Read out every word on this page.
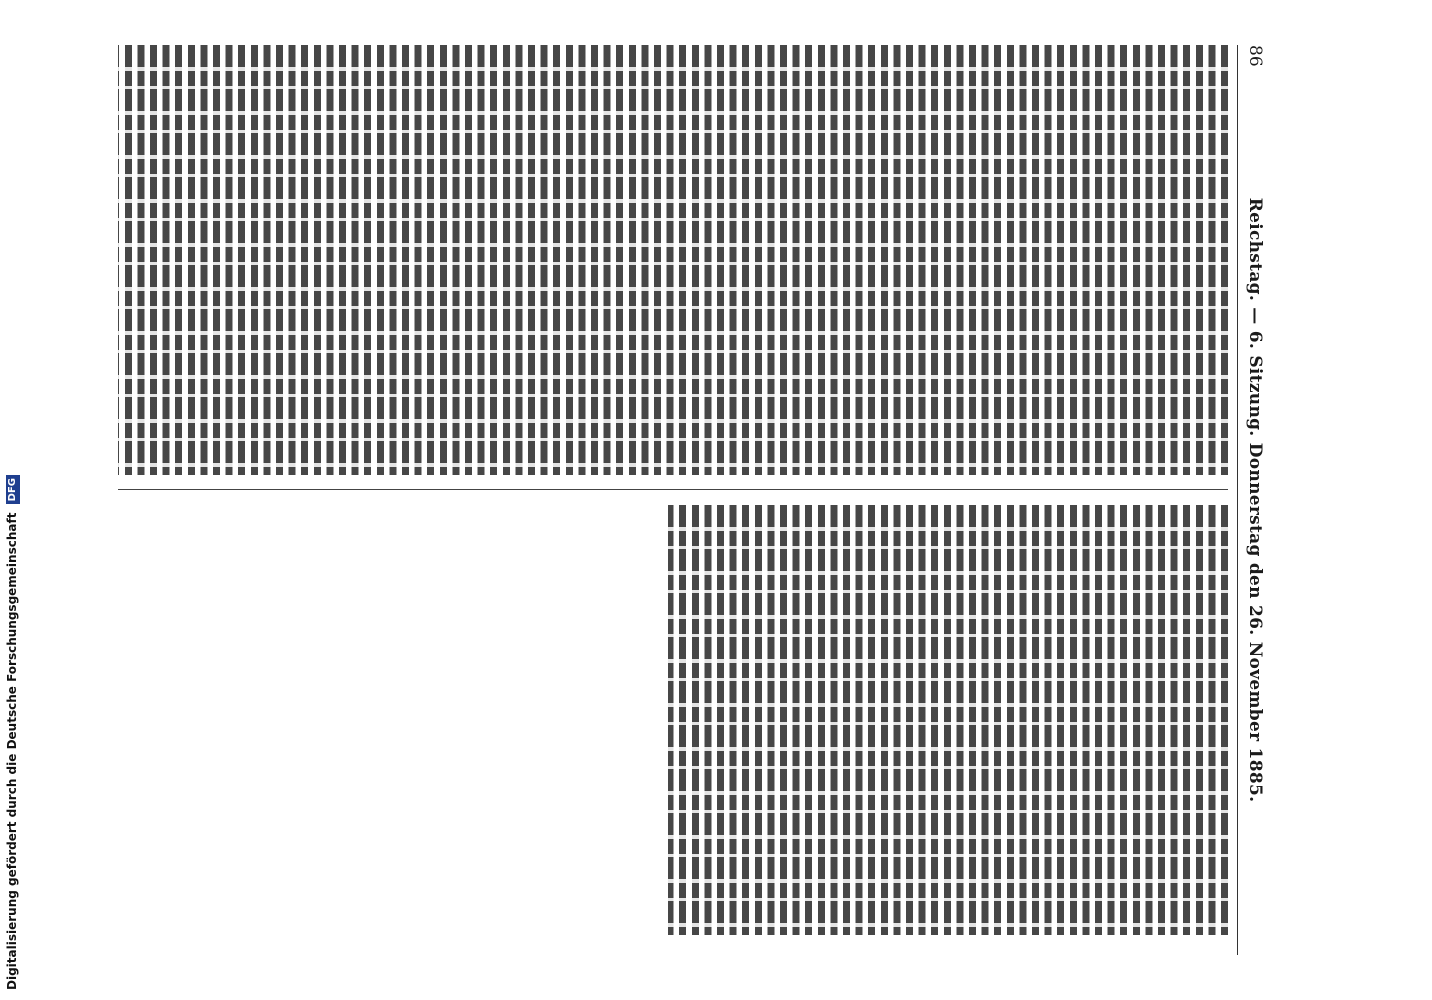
Digitalisierung gefördert durch die Deutsche Forschungsgemeinschaft DFG
86
Reichstag. — 6. Sitzung. Donnerstag den 26. November 1885.
